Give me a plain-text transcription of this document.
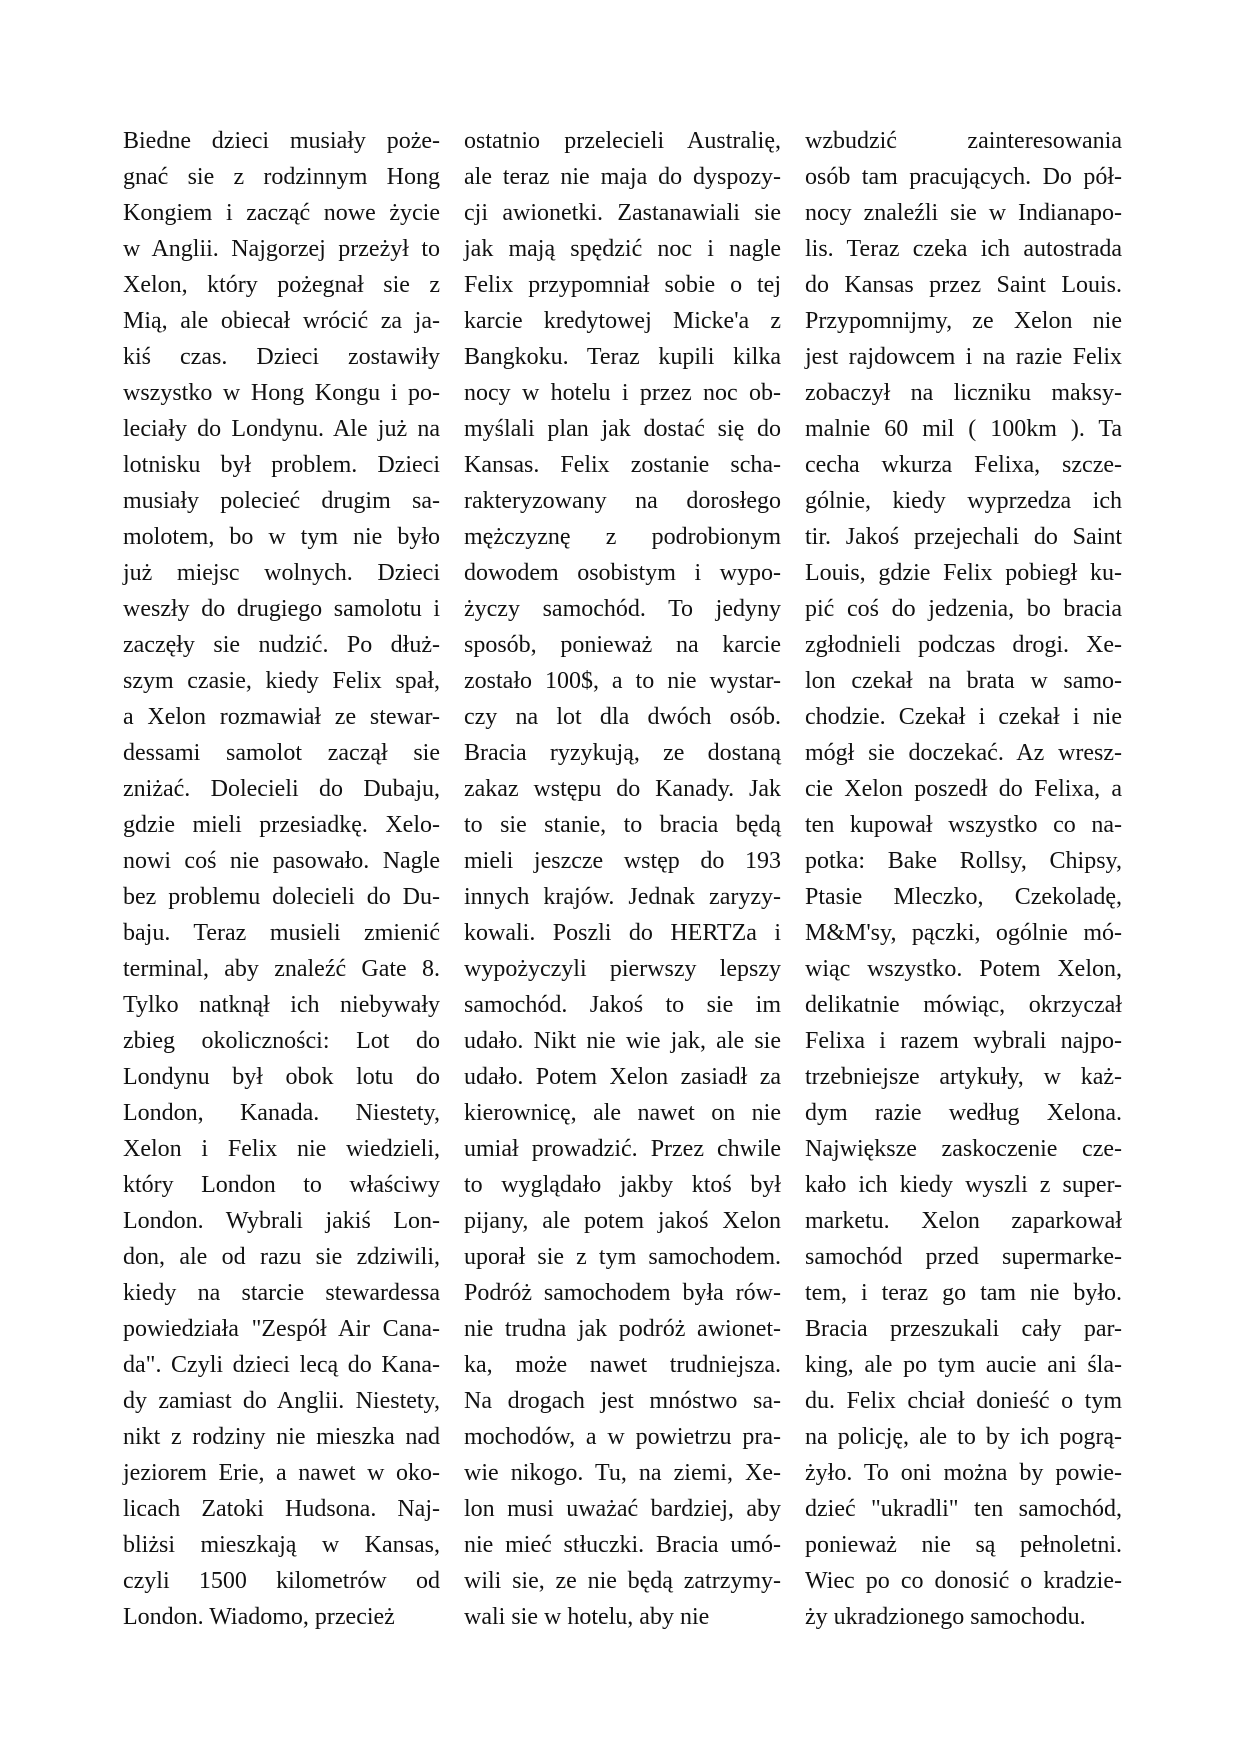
Biedne dzieci musiały poże-
gnać sie z rodzinnym Hong
Kongiem i zacząć nowe życie
w Anglii. Najgorzej przeżył to
Xelon, który pożegnał sie z
Mią, ale obiecał wrócić za ja-
kiś czas. Dzieci zostawiły
wszystko w Hong Kongu i po-
leciały do Londynu. Ale już na
lotnisku był problem. Dzieci
musiały polecieć drugim sa-
molotem, bo w tym nie było
już miejsc wolnych. Dzieci
weszły do drugiego samolotu i
zaczęły sie nudzić. Po dłuż-
szym czasie, kiedy Felix spał,
a Xelon rozmawiał ze stewar-
dessami samolot zaczął sie
zniżać. Dolecieli do Dubaju,
gdzie mieli przesiadkę. Xelo-
nowi coś nie pasowało. Nagle
bez problemu dolecieli do Du-
baju. Teraz musieli zmienić
terminal, aby znaleźć Gate 8.
Tylko natknął ich niebywały
zbieg okoliczności: Lot do
Londynu był obok lotu do
London, Kanada. Niestety,
Xelon i Felix nie wiedzieli,
który London to właściwy
London. Wybrali jakiś Lon-
don, ale od razu sie zdziwili,
kiedy na starcie stewardessa
powiedziała "Zespół Air Cana-
da". Czyli dzieci lecą do Kana-
dy zamiast do Anglii. Niestety,
nikt z rodziny nie mieszka nad
jeziorem Erie, a nawet w oko-
licach Zatoki Hudsona. Naj-
bliżsi mieszkają w Kansas,
czyli 1500 kilometrów od
London. Wiadomo, przecież
ostatnio przelecieli Australię,
ale teraz nie maja do dyspozy-
cji awionetki. Zastanawiali sie
jak mają spędzić noc i nagle
Felix przypomniał sobie o tej
karcie kredytowej Micke'a z
Bangkoku. Teraz kupili kilka
nocy w hotelu i przez noc ob-
myślali plan jak dostać się do
Kansas. Felix zostanie scha-
rakteryzowany na dorosłego
mężczyznę z podrobionym
dowodem osobistym i wypo-
życzy samochód. To jedyny
sposób, ponieważ na karcie
zostało 100$, a to nie wystar-
czy na lot dla dwóch osób.
Bracia ryzykują, ze dostaną
zakaz wstępu do Kanady. Jak
to sie stanie, to bracia będą
mieli jeszcze wstęp do 193
innych krajów. Jednak zaryzy-
kowali. Poszli do HERTZa i
wypożyczyli pierwszy lepszy
samochód. Jakoś to sie im
udało. Nikt nie wie jak, ale sie
udało. Potem Xelon zasiadł za
kierownicę, ale nawet on nie
umiał prowadzić. Przez chwile
to wyglądało jakby ktoś był
pijany, ale potem jakoś Xelon
uporał sie z tym samochodem.
Podróż samochodem była rów-
nie trudna jak podróż awionet-
ka, może nawet trudniejsza.
Na drogach jest mnóstwo sa-
mochodów, a w powietrzu pra-
wie nikogo. Tu, na ziemi, Xe-
lon musi uważać bardziej, aby
nie mieć stłuczki. Bracia umó-
wili sie, ze nie będą zatrzymy-
wali sie w hotelu, aby nie
wzbudzić zainteresowania
osób tam pracujących. Do pół-
nocy znaleźli sie w Indianapo-
lis. Teraz czeka ich autostrada
do Kansas przez Saint Louis.
Przypomnijmy, ze Xelon nie
jest rajdowcem i na razie Felix
zobaczył na liczniku maksy-
malnie 60 mil ( 100km ). Ta
cecha wkurza Felixa, szcze-
gólnie, kiedy wyprzedza ich
tir. Jakoś przejechali do Saint
Louis, gdzie Felix pobiegł ku-
pić coś do jedzenia, bo bracia
zgłodnieli podczas drogi. Xe-
lon czekał na brata w samo-
chodzie. Czekał i czekał i nie
mógł sie doczekać. Az wresz-
cie Xelon poszedł do Felixa, a
ten kupował wszystko co na-
potka: Bake Rollsy, Chipsy,
Ptasie Mleczko, Czekoladę,
M&M'sy, pączki, ogólnie mó-
wiąc wszystko. Potem Xelon,
delikatnie mówiąc, okrzyczał
Felixa i razem wybrali najpo-
trzebniejsze artykuły, w każ-
dym razie według Xelona.
Największe zaskoczenie cze-
kało ich kiedy wyszli z super-
marketu. Xelon zaparkował
samochód przed supermarke-
tem, i teraz go tam nie było.
Bracia przeszukali cały par-
king, ale po tym aucie ani śla-
du. Felix chciał donieść o tym
na policję, ale to by ich pogrą-
żyło. To oni można by powie-
dzieć "ukradli" ten samochód,
ponieważ nie są pełnoletni.
Wiec po co donosić o kradzie-
ży ukradzionego samochodu.
